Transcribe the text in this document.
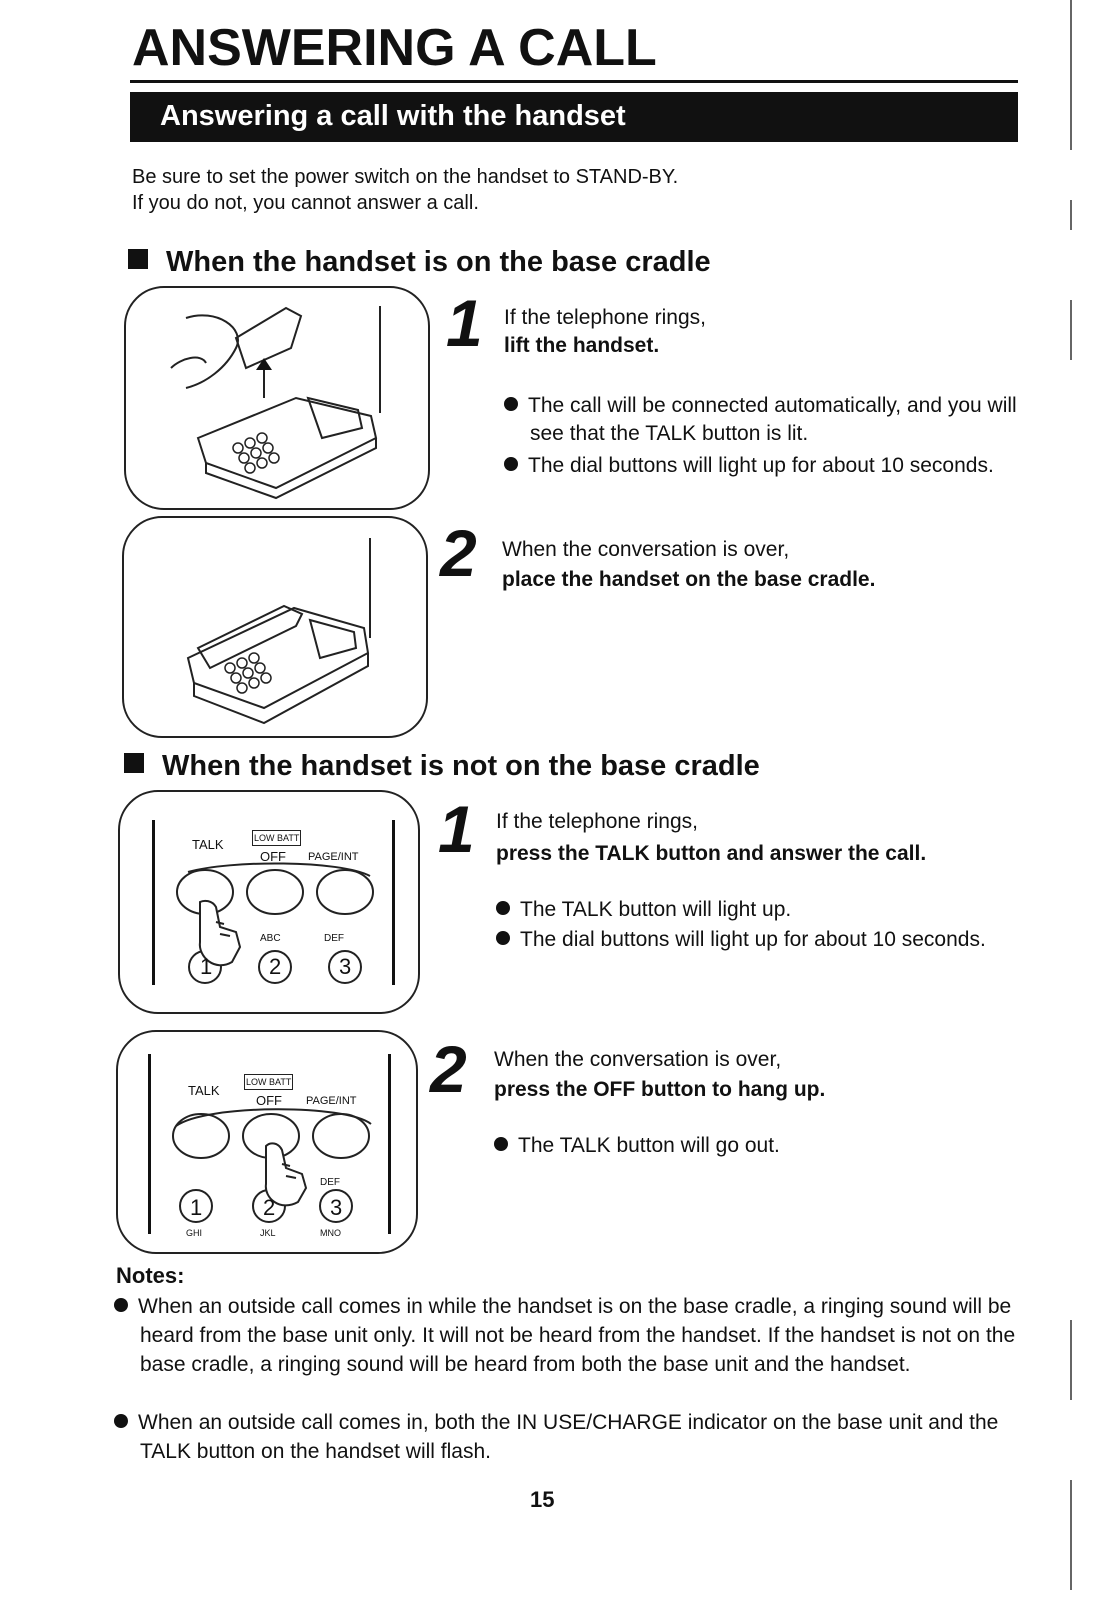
ANSWERING A CALL
Answering a call with the handset
Be sure to set the power switch on the handset to STAND-BY.
If you do not, you cannot answer a call.
When the handset is on the base cradle
1 If the telephone rings,
lift the handset.
The call will be connected automatically, and you will see that the TALK button is lit.
The dial buttons will light up for about 10 seconds.
2 When the conversation is over,
place the handset on the base cradle.
When the handset is not on the base cradle
TALK	LOW BATT
OFF PAGE/INT
ABC	DEF
1	2	3
1 If the telephone rings,
press the TALK button and answer the call.
The TALK button will light up.
The dial buttons will light up for about 10 seconds.
TALK
LOW BATT
OFF PAGE/INT
DEF
1	2 3
GHI	JKL	MNO
2 When the conversation is over,
press the OFF button to hang up.
The TALK button will go out.
Notes:
When an outside call comes in while the handset is on the base cradle, a ringing sound will be heard from the base unit only. It will not be heard from the handset. If the handset is not on the base cradle, a ringing sound will be heard from both the base unit and the handset.
When an outside call comes in, both the IN USE/CHARGE indicator on the base unit and the TALK button on the handset will flash.
15
